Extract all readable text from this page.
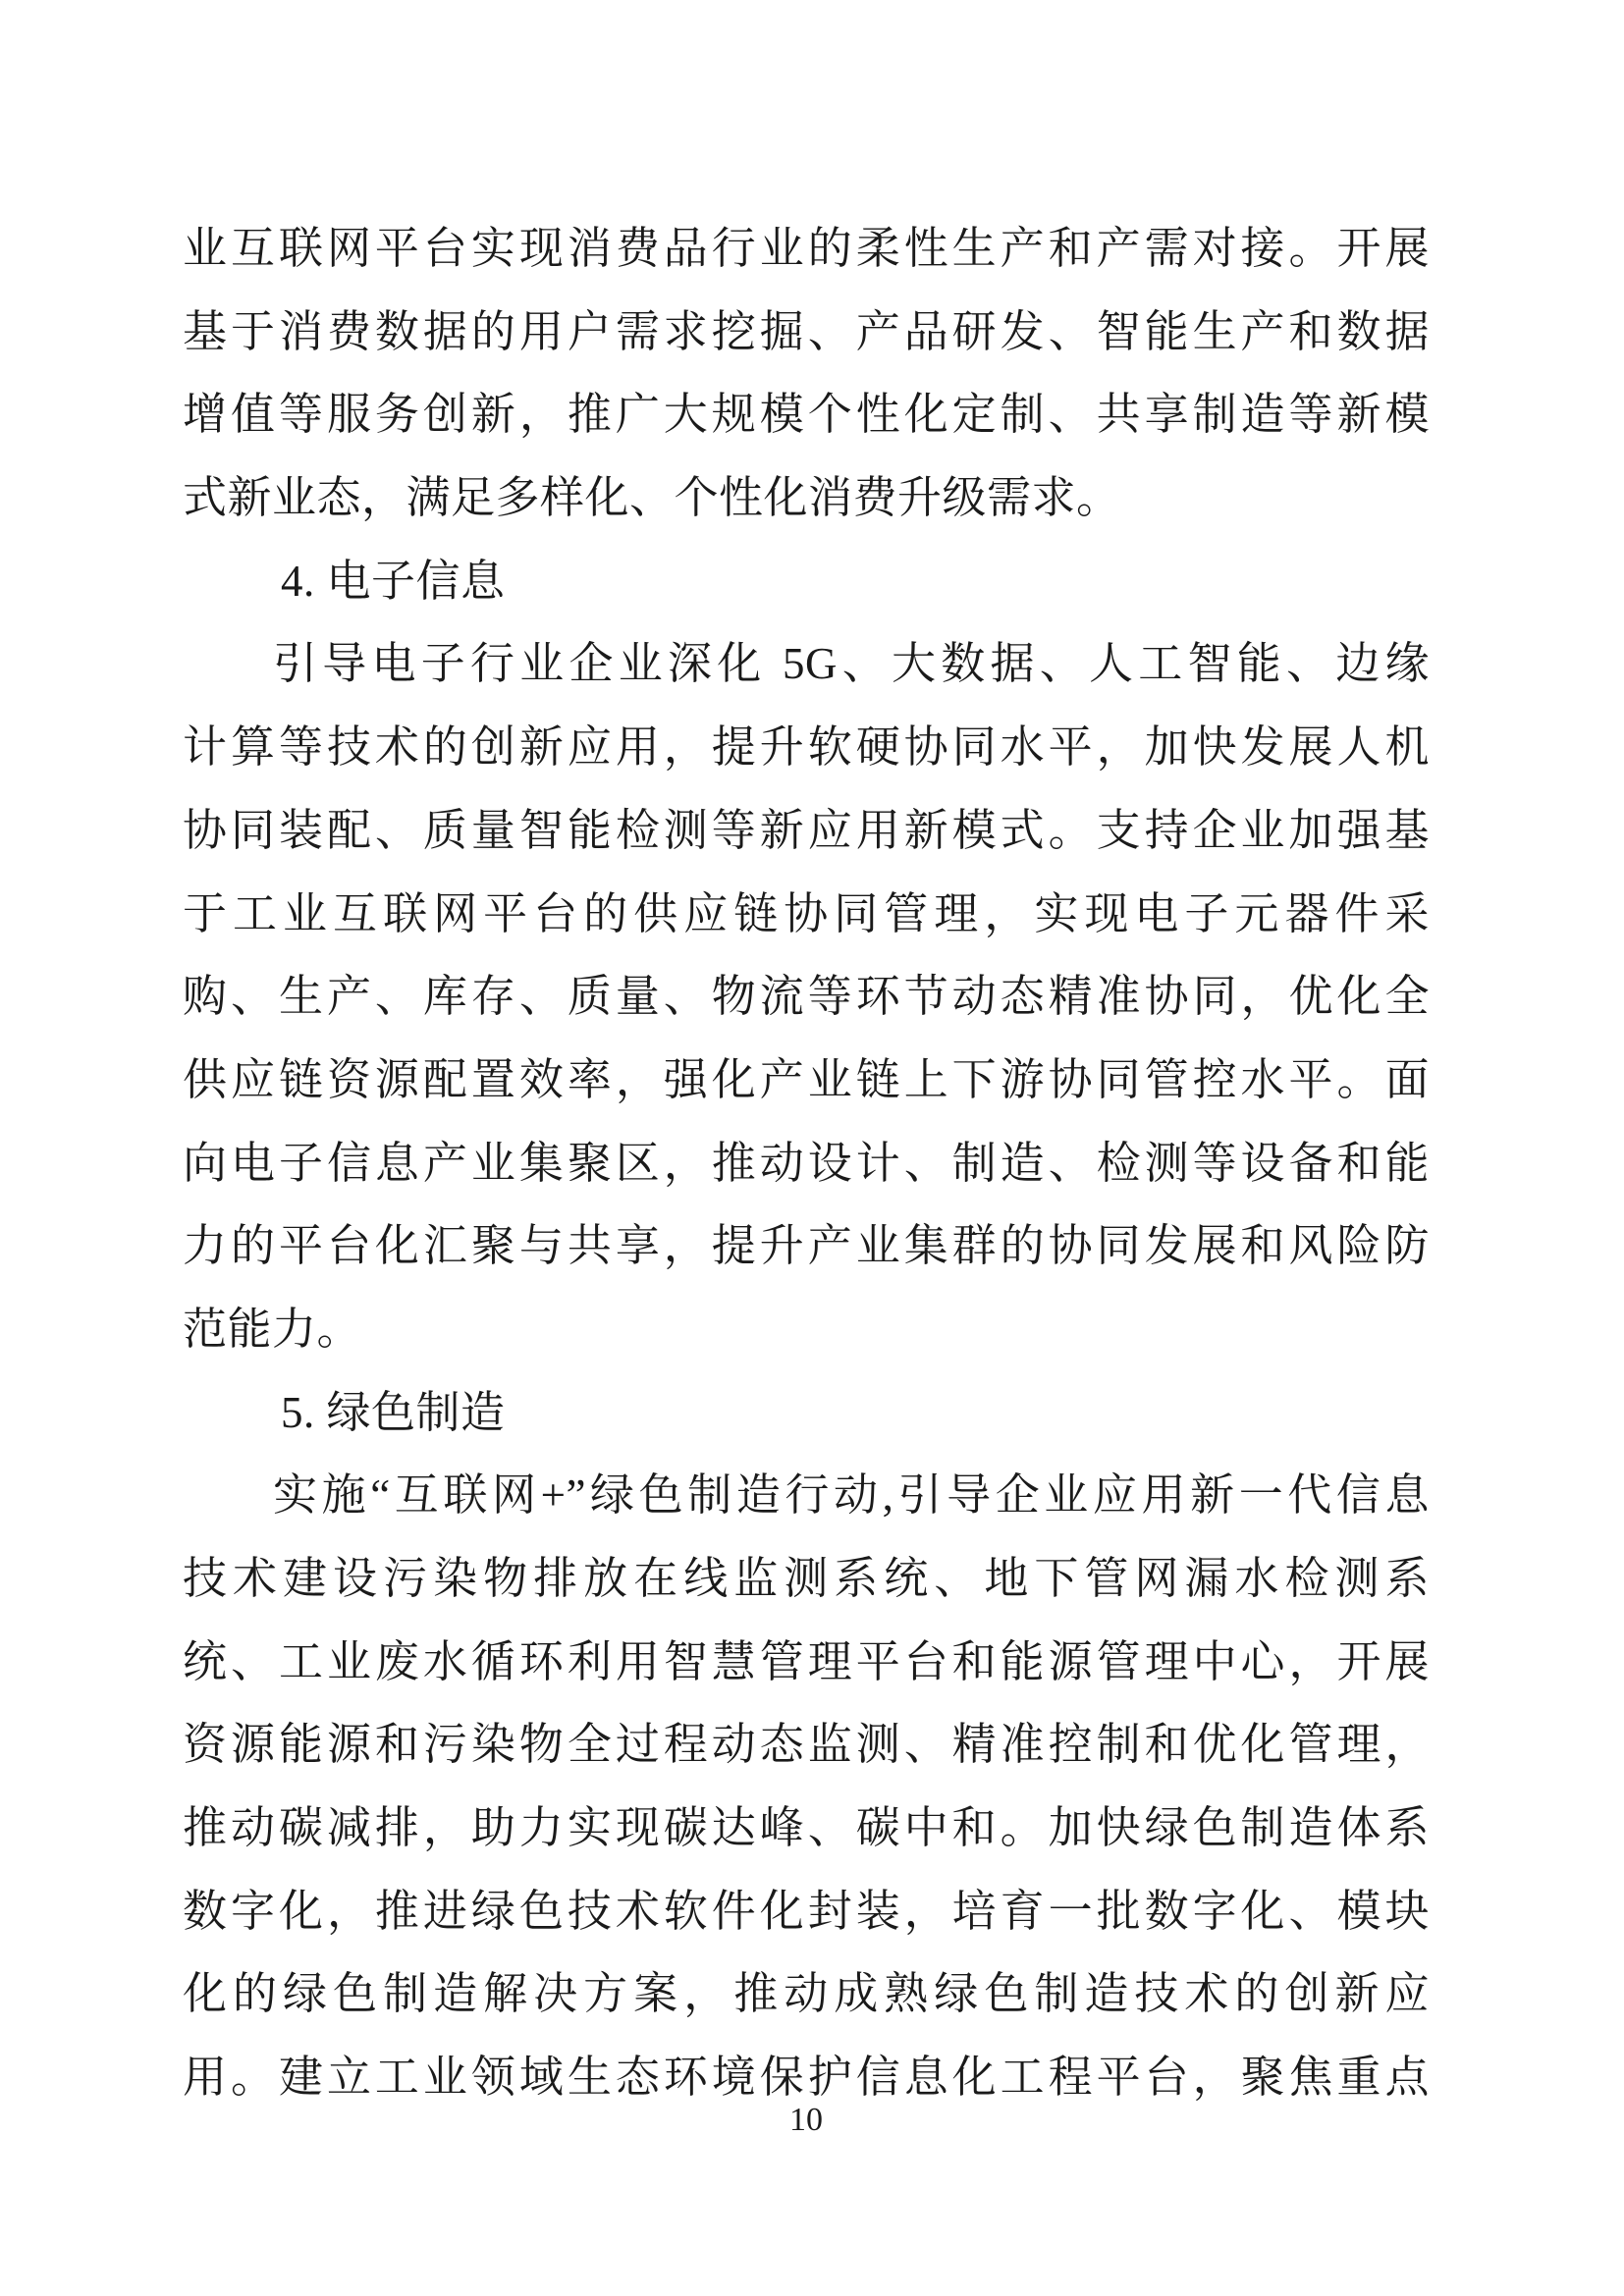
业互联网平台实现消费品行业的柔性生产和产需对接。开展
基于消费数据的用户需求挖掘、产品研发、智能生产和数据
增值等服务创新，推广大规模个性化定制、共享制造等新模
式新业态，满足多样化、个性化消费升级需求。
4. 电子信息
引导电子行业企业深化 5G、大数据、人工智能、边缘
计算等技术的创新应用，提升软硬协同水平，加快发展人机
协同装配、质量智能检测等新应用新模式。支持企业加强基
于工业互联网平台的供应链协同管理，实现电子元器件采
购、生产、库存、质量、物流等环节动态精准协同，优化全
供应链资源配置效率，强化产业链上下游协同管控水平。面
向电子信息产业集聚区，推动设计、制造、检测等设备和能
力的平台化汇聚与共享，提升产业集群的协同发展和风险防
范能力。
5. 绿色制造
实施“互联网+”绿色制造行动,引导企业应用新一代信息
技术建设污染物排放在线监测系统、地下管网漏水检测系
统、工业废水循环利用智慧管理平台和能源管理中心，开展
资源能源和污染物全过程动态监测、精准控制和优化管理，
推动碳减排，助力实现碳达峰、碳中和。加快绿色制造体系
数字化，推进绿色技术软件化封装，培育一批数字化、模块
化的绿色制造解决方案，推动成熟绿色制造技术的创新应
用。建立工业领域生态环境保护信息化工程平台，聚焦重点
10
